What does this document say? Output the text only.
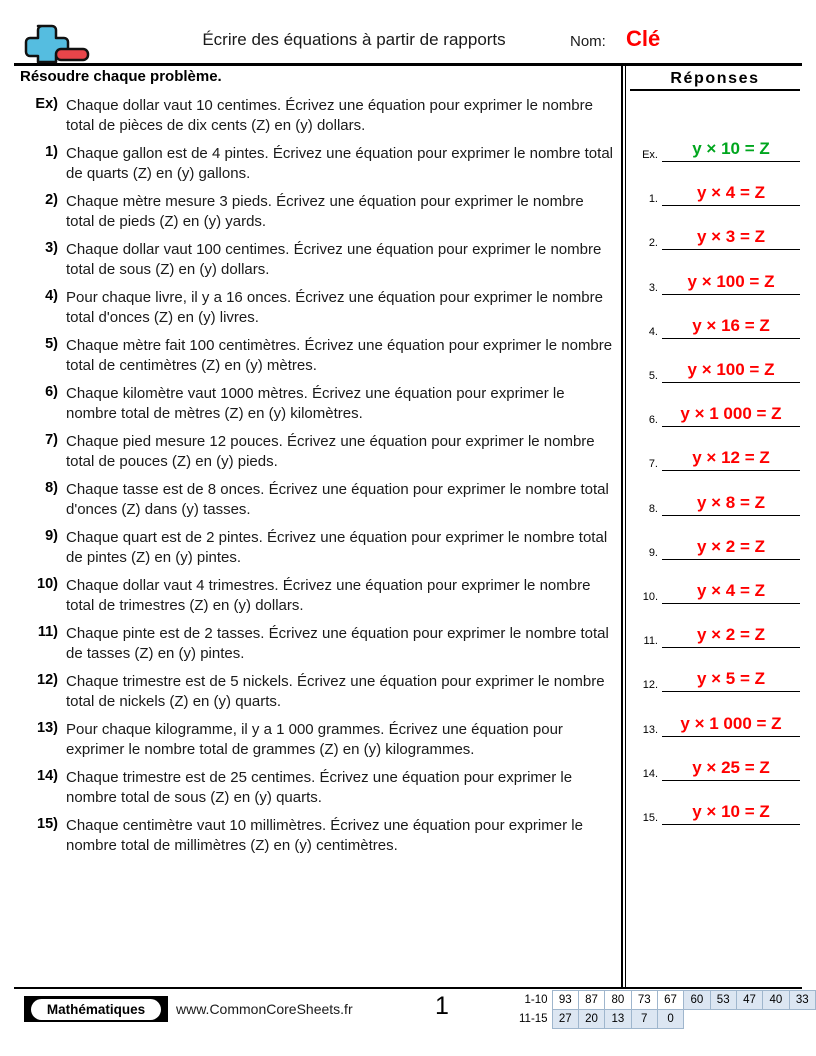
Écrire des équations à partir de rapports	Nom: Clé
Résoudre chaque problème.
Ex) Chaque dollar vaut 10 centimes. Écrivez une équation pour exprimer le nombre total de pièces de dix cents (Z) en (y) dollars.
1) Chaque gallon est de 4 pintes. Écrivez une équation pour exprimer le nombre total de quarts (Z) en (y) gallons.
2) Chaque mètre mesure 3 pieds. Écrivez une équation pour exprimer le nombre total de pieds (Z) en (y) yards.
3) Chaque dollar vaut 100 centimes. Écrivez une équation pour exprimer le nombre total de sous (Z) en (y) dollars.
4) Pour chaque livre, il y a 16 onces. Écrivez une équation pour exprimer le nombre total d'onces (Z) en (y) livres.
5) Chaque mètre fait 100 centimètres. Écrivez une équation pour exprimer le nombre total de centimètres (Z) en (y) mètres.
6) Chaque kilomètre vaut 1000 mètres. Écrivez une équation pour exprimer le nombre total de mètres (Z) en (y) kilomètres.
7) Chaque pied mesure 12 pouces. Écrivez une équation pour exprimer le nombre total de pouces (Z) en (y) pieds.
8) Chaque tasse est de 8 onces. Écrivez une équation pour exprimer le nombre total d'onces (Z) dans (y) tasses.
9) Chaque quart est de 2 pintes. Écrivez une équation pour exprimer le nombre total de pintes (Z) en (y) pintes.
10) Chaque dollar vaut 4 trimestres. Écrivez une équation pour exprimer le nombre total de trimestres (Z) en (y) dollars.
11) Chaque pinte est de 2 tasses. Écrivez une équation pour exprimer le nombre total de tasses (Z) en (y) pintes.
12) Chaque trimestre est de 5 nickels. Écrivez une équation pour exprimer le nombre total de nickels (Z) en (y) quarts.
13) Pour chaque kilogramme, il y a 1 000 grammes. Écrivez une équation pour exprimer le nombre total de grammes (Z) en (y) kilogrammes.
14) Chaque trimestre est de 25 centimes. Écrivez une équation pour exprimer le nombre total de sous (Z) en (y) quarts.
15) Chaque centimètre vaut 10 millimètres. Écrivez une équation pour exprimer le nombre total de millimètres (Z) en (y) centimètres.
Réponses
Ex.	y × 10 = Z
1.	y × 4 = Z
2.	y × 3 = Z
3.	y × 100 = Z
4.	y × 16 = Z
5.	y × 100 = Z
6.	y × 1 000 = Z
7.	y × 12 = Z
8.	y × 8 = Z
9.	y × 2 = Z
10.	y × 4 = Z
11.	y × 2 = Z
12.	y × 5 = Z
13.	y × 1 000 = Z
14.	y × 25 = Z
15.	y × 10 = Z
Mathématiques	www.CommonCoreSheets.fr	1	1-10	93	87	80	73	67	60	53	47	40	33
11-15	27	20	13	7	0					
